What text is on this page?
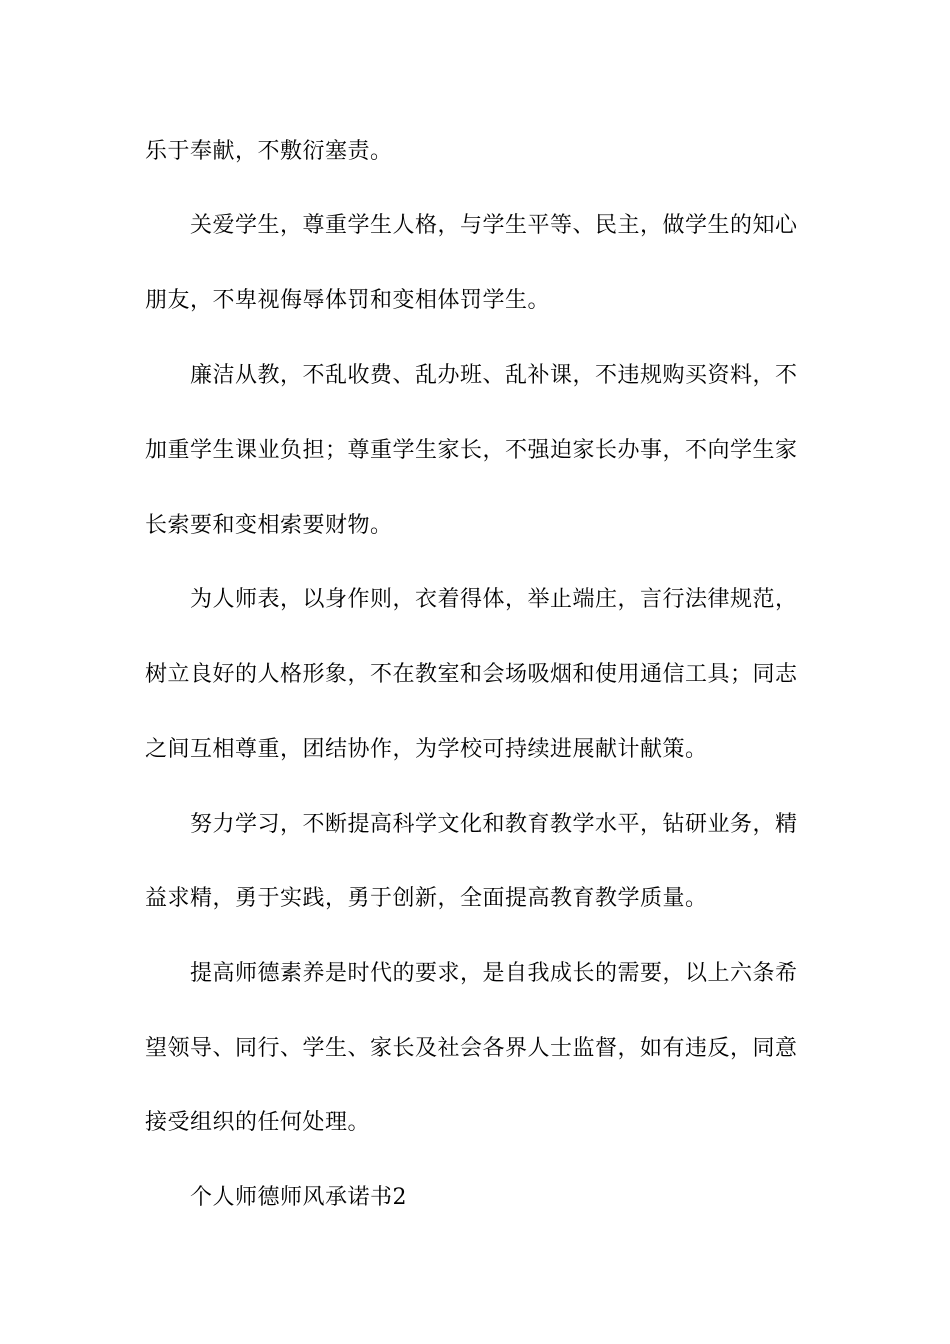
乐于奉献，不敷衍塞责。
关爱学生，尊重学生人格，与学生平等、民主，做学生的知心
朋友，不卑视侮辱体罚和变相体罚学生。
廉洁从教，不乱收费、乱办班、乱补课，不违规购买资料，不
加重学生课业负担；尊重学生家长，不强迫家长办事，不向学生家
长索要和变相索要财物。
为人师表，以身作则，衣着得体，举止端庄，言行法律规范，
树立良好的人格形象，不在教室和会场吸烟和使用通信工具；同志
之间互相尊重，团结协作，为学校可持续进展献计献策。
努力学习，不断提高科学文化和教育教学水平，钻研业务，精
益求精，勇于实践，勇于创新，全面提高教育教学质量。
提高师德素养是时代的要求，是自我成长的需要，以上六条希
望领导、同行、学生、家长及社会各界人士监督，如有违反，同意
接受组织的任何处理。
个人师德师风承诺书2
